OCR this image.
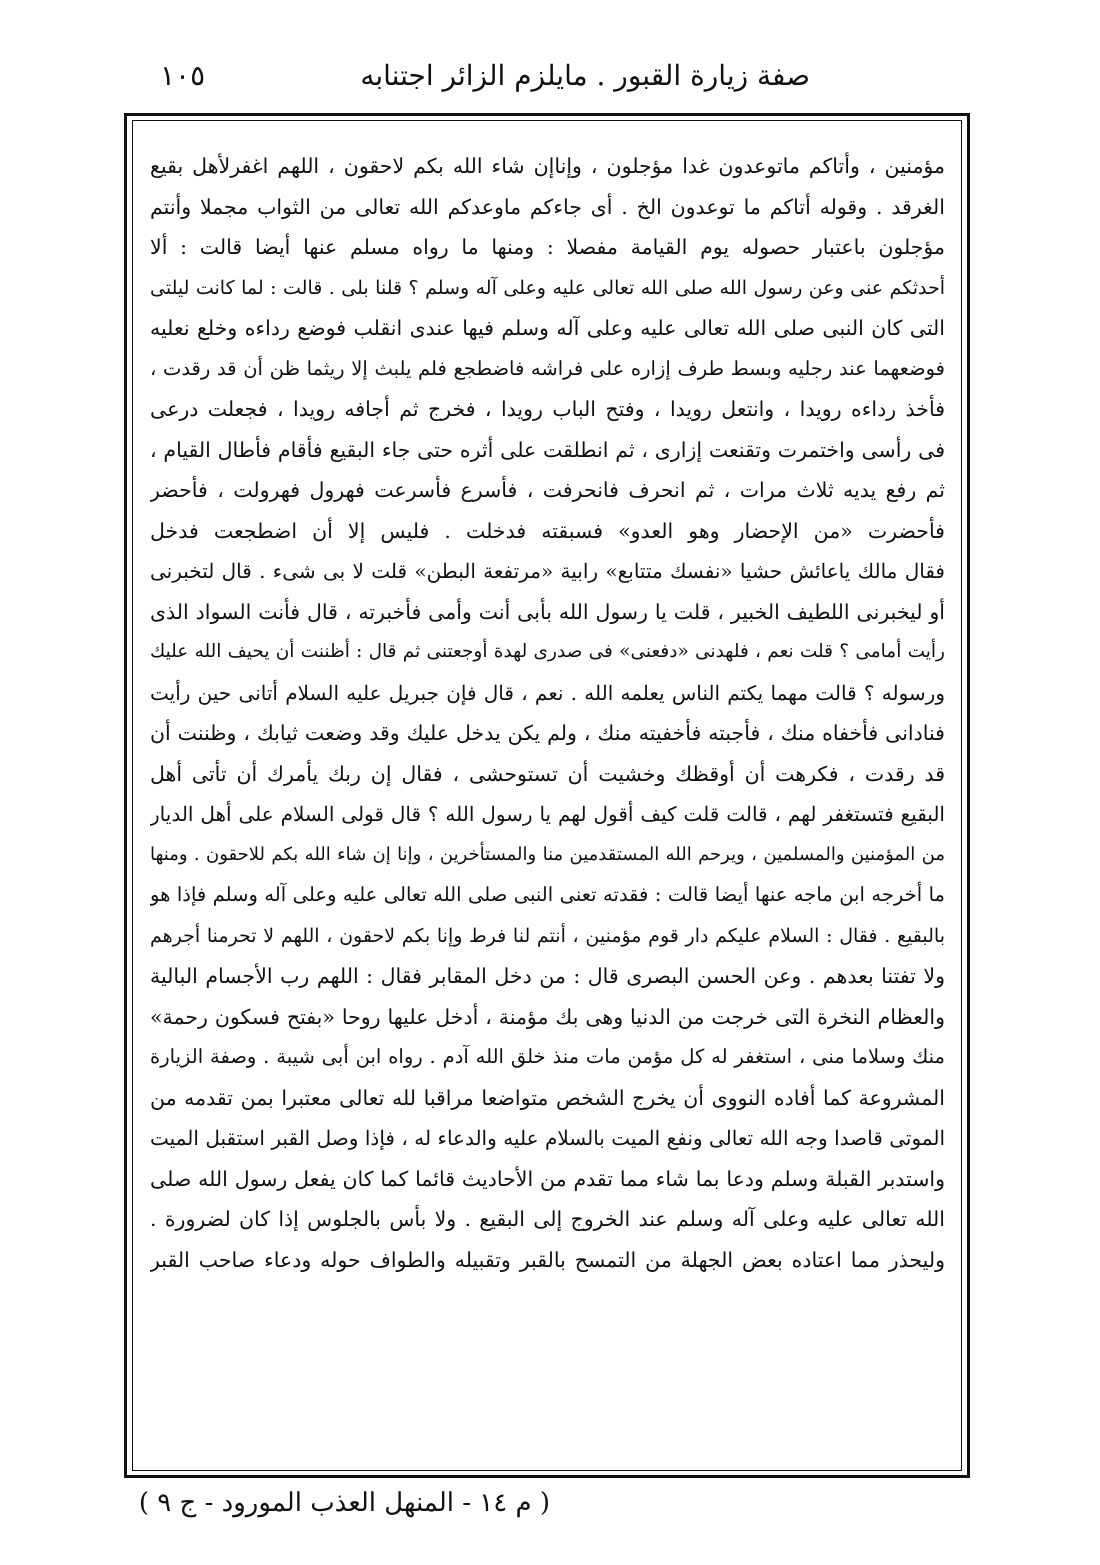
صفة زيارة القبور . مايلزم الزائر اجتنابه
١٠٥
مؤمنين ، وأتاكم ماتوعدون غدا مؤجلون ، وإناإن شاء الله بكم لاحقون ، اللهم اغفرلأهل بقيع
الغرقد . وقوله أتاكم ما توعدون الخ . أى جاءكم ماوعدكم الله تعالى من الثواب مجملا وأنتم
مؤجلون باعتبار حصوله يوم القيامة مفصلا : ومنها ما رواه مسلم عنها أيضا قالت : ألا
أحدثكم عنى وعن رسول الله صلى الله تعالى عليه وعلى آله وسلم ؟ قلنا بلى . قالت : لما كانت ليلتى
التى كان النبى صلى الله تعالى عليه وعلى آله وسلم فيها عندى انقلب فوضع رداءه وخلع نعليه
فوضعهما عند رجليه وبسط طرف إزاره على فراشه فاضطجع فلم يلبث إلا ريثما ظن أن قد رقدت ،
فأخذ رداءه رويدا ، وانتعل رويدا ، وفتح الباب رويدا ، فخرج ثم أجافه رويدا ، فجعلت درعى
فى رأسى واختمرت وتقنعت إزارى ، ثم انطلقت على أثره حتى جاء البقيع فأقام فأطال القيام ،
ثم رفع يديه ثلاث مرات ، ثم انحرف فانحرفت ، فأسرع فأسرعت فهرول فهرولت ، فأحضر
فأحضرت «من الإحضار وهو العدو» فسبقته فدخلت . فليس إلا أن اضطجعت فدخل
فقال مالك ياعائش حشيا «نفسك متتابع» رابية «مرتفعة البطن» قلت لا بى شىء . قال لتخبرنى
أو ليخبرنى اللطيف الخبير ، قلت يا رسول الله بأبى أنت وأمى فأخبرته ، قال فأنت السواد الذى
رأيت أمامى ؟ قلت نعم ، فلهدنى «دفعنى» فى صدرى لهدة أوجعتنى ثم قال : أظننت أن يحيف الله عليك
ورسوله ؟ قالت مهما يكتم الناس يعلمه الله . نعم ، قال فإن جبريل عليه السلام أتانى حين رأيت
فنادانى فأخفاه منك ، فأجبته فأخفيته منك ، ولم يكن يدخل عليك وقد وضعت ثيابك ، وظننت أن
قد رقدت ، فكرهت أن أوقظك وخشيت أن تستوحشى ، فقال إن ربك يأمرك أن تأتى أهل
البقيع فتستغفر لهم ، قالت قلت كيف أقول لهم يا رسول الله ؟ قال قولى السلام على أهل الديار
من المؤمنين والمسلمين ، ويرحم الله المستقدمين منا والمستأخرين ، وإنا إن شاء الله بكم للاحقون . ومنها
ما أخرجه ابن ماجه عنها أيضا قالت : فقدته تعنى النبى صلى الله تعالى عليه وعلى آله وسلم فإذا هو
بالبقيع . فقال : السلام عليكم دار قوم مؤمنين ، أنتم لنا فرط وإنا بكم لاحقون ، اللهم لا تحرمنا أجرهم
ولا تفتنا بعدهم . وعن الحسن البصرى قال : من دخل المقابر فقال : اللهم رب الأجسام البالية
والعظام النخرة التى خرجت من الدنيا وهى بك مؤمنة ، أدخل عليها روحا «بفتح فسكون رحمة»
منك وسلاما منى ، استغفر له كل مؤمن مات منذ خلق الله آدم . رواه ابن أبى شيبة . وصفة الزيارة
المشروعة كما أفاده النووى أن يخرج الشخص متواضعا مراقبا لله تعالى معتبرا بمن تقدمه من
الموتى قاصدا وجه الله تعالى ونفع الميت بالسلام عليه والدعاء له ، فإذا وصل القبر استقبل الميت
واستدبر القبلة وسلم ودعا بما شاء مما تقدم من الأحاديث قائما كما كان يفعل رسول الله صلى
الله تعالى عليه وعلى آله وسلم عند الخروج إلى البقيع . ولا بأس بالجلوس إذا كان لضرورة .
وليحذر مما اعتاده بعض الجهلة من التمسح بالقبر وتقبيله والطواف حوله ودعاء صاحب القبر
( م ١٤ - المنهل العذب المورود - ج ٩ )
